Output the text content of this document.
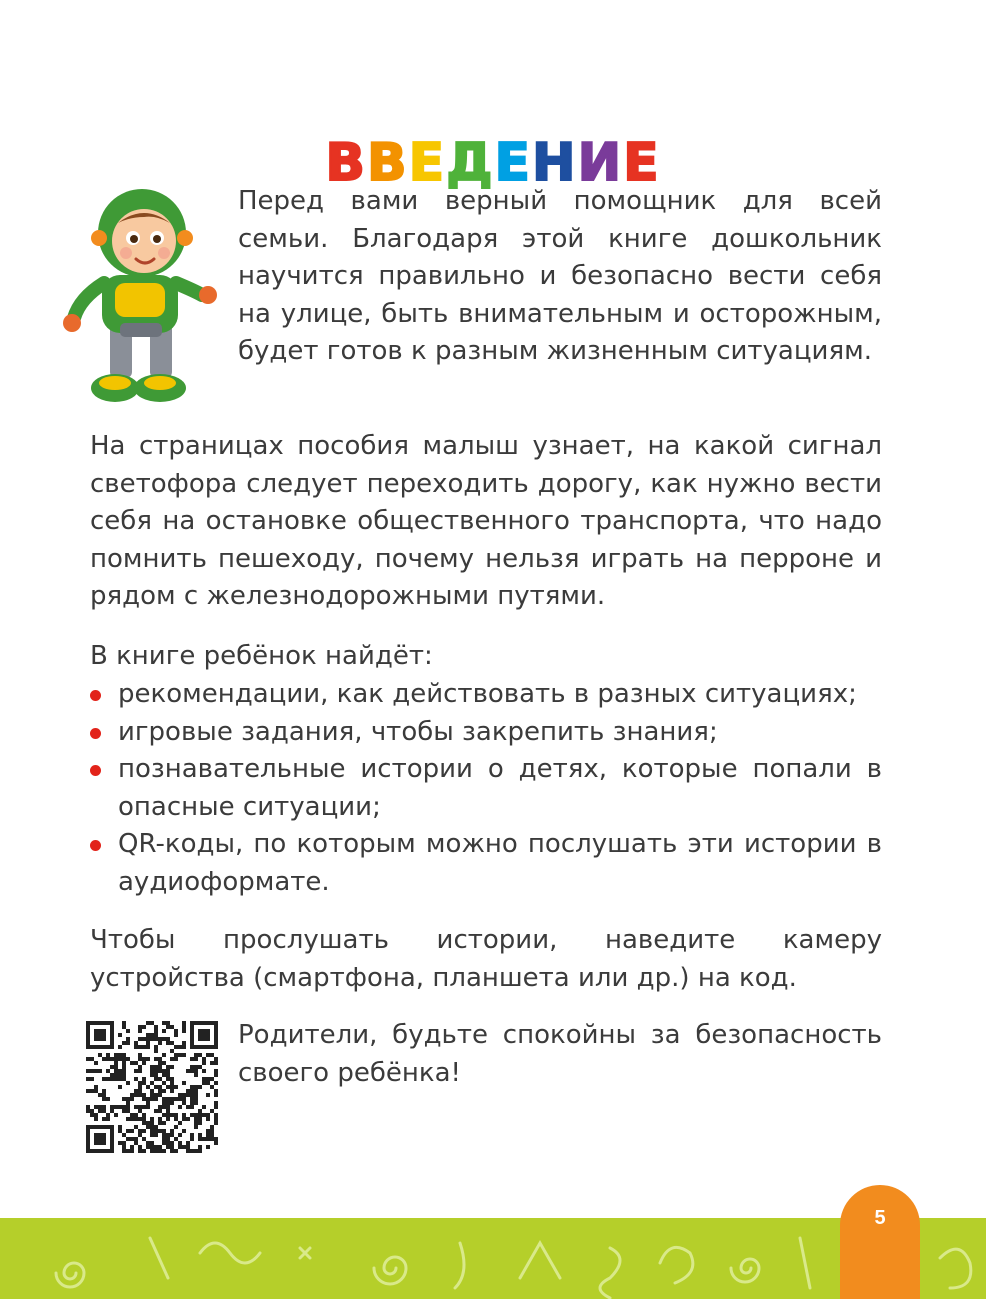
ВВЕДЕНИЕ

Перед вами верный помощник для всей семьи. Благодаря этой книге дошкольник научится правильно и безопасно вести себя на улице, быть внимательным и осторожным, будет готов к разным жизненным ситуациям.

На страницах пособия малыш узнает, на какой сигнал светофора следует переходить дорогу, как нужно вести себя на остановке общественного транспорта, что надо помнить пешеходу, почему нельзя играть на перроне и рядом с железнодорожными путями.

В книге ребёнок найдёт:

рекомендации, как действовать в разных ситуациях;
игровые задания, чтобы закрепить знания;
познавательные истории о детях, которые попали в опасные ситуации;
QR-коды, по которым можно послушать эти истории в аудиоформате.

Чтобы прослушать истории, наведите камеру устройства (смартфона, планшета или др.) на код.

Родители, будьте спокойны за безопасность своего ребёнка!

5
